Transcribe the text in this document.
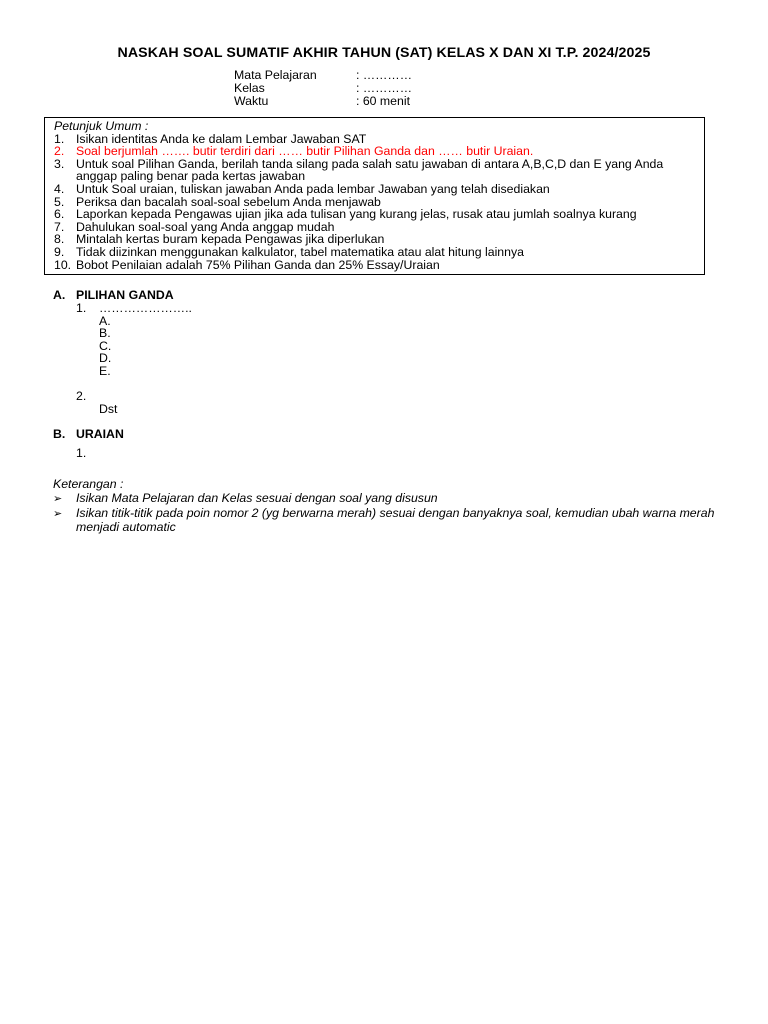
NASKAH SOAL SUMATIF AKHIR TAHUN (SAT) KELAS X DAN XI T.P. 2024/2025
Mata Pelajaran	: …………
Kelas	: …………
Waktu	: 60 menit
Petunjuk Umum :
1. Isikan identitas Anda ke dalam Lembar Jawaban SAT
2. Soal berjumlah ……. butir terdiri dari …… butir Pilihan Ganda dan …… butir Uraian.
3. Untuk soal Pilihan Ganda, berilah tanda silang pada salah satu jawaban di antara A,B,C,D dan E yang Anda anggap paling benar pada kertas jawaban
4. Untuk Soal uraian, tuliskan jawaban Anda pada lembar Jawaban yang telah disediakan
5. Periksa dan bacalah soal-soal sebelum Anda menjawab
6. Laporkan kepada Pengawas ujian jika ada tulisan yang kurang jelas, rusak atau jumlah soalnya kurang
7. Dahulukan soal-soal yang Anda anggap mudah
8. Mintalah kertas buram kepada Pengawas jika diperlukan
9. Tidak diizinkan menggunakan kalkulator, tabel matematika atau alat hitung lainnya
10. Bobot Penilaian adalah 75% Pilihan Ganda dan 25% Essay/Uraian
A. PILIHAN GANDA
1. …………………..
A.
B.
C.
D.
E.
2.
Dst
B. URAIAN
1.
Keterangan :
➢	Isikan Mata Pelajaran dan Kelas sesuai dengan soal yang disusun
➢	Isikan titik-titik pada poin nomor 2 (yg berwarna merah) sesuai dengan banyaknya soal, kemudian ubah warna merah menjadi automatic
